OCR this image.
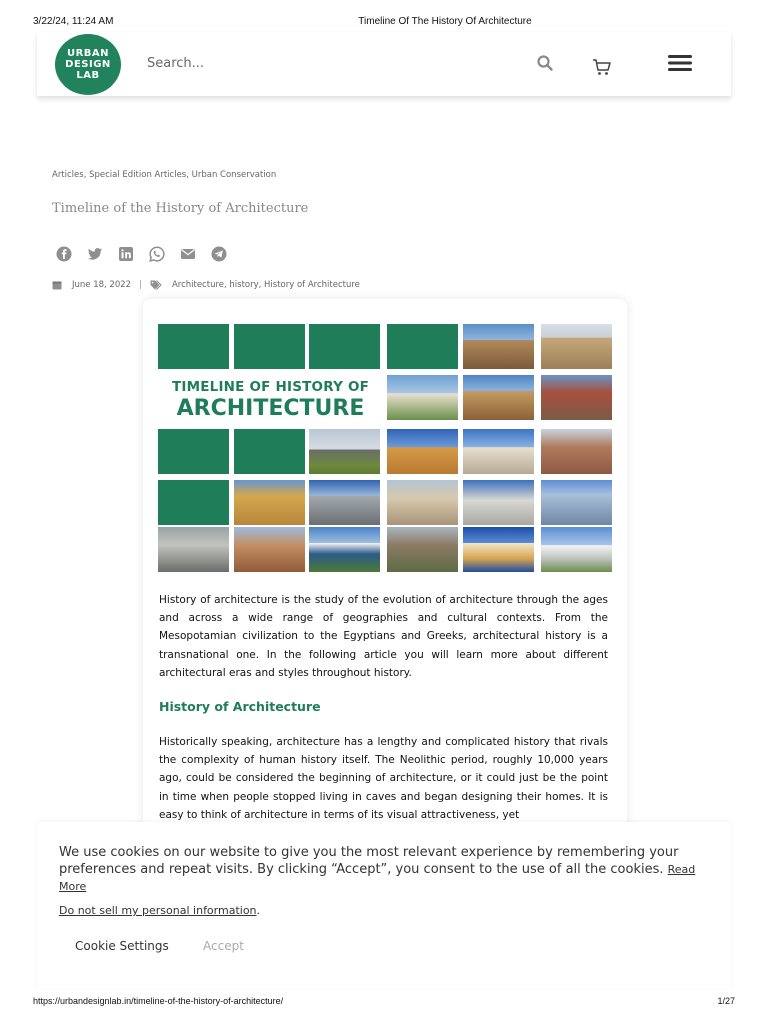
3/22/24, 11:24 AM	Timeline Of The History Of Architecture
URBAN
DESIGN
LAB
Search...
Articles, Special Edition Articles, Urban Conservation
Timeline of the History of Architecture
June 18, 2022 |	Architecture, history, History of Architecture
TIMELINE OF HISTORY OF
ARCHITECTURE

History of architecture is the study of the evolution of architecture through the ages and across a wide range of geographies and cultural contexts. From the Mesopotamian civilization to the Egyptians and Greeks, architectural history is a transnational one. In the following article you will learn more about different architectural eras and styles throughout history.

History of Architecture

Historically speaking, architecture has a lengthy and complicated history that rivals the complexity of human history itself. The Neolithic period, roughly 10,000 years ago, could be considered the beginning of architecture, or it could just be the point in time when people stopped living in caves and began designing their homes. It is easy to think of architecture in terms of its visual attractiveness, yet

We use cookies on our website to give you the most relevant experience by remembering your preferences and repeat visits. By clicking “Accept”, you consent to the use of all the cookies. Read More

Do not sell my personal information.
Cookie Settings	Accept
https://urbandesignlab.in/timeline-of-the-history-of-architecture/	1/27
